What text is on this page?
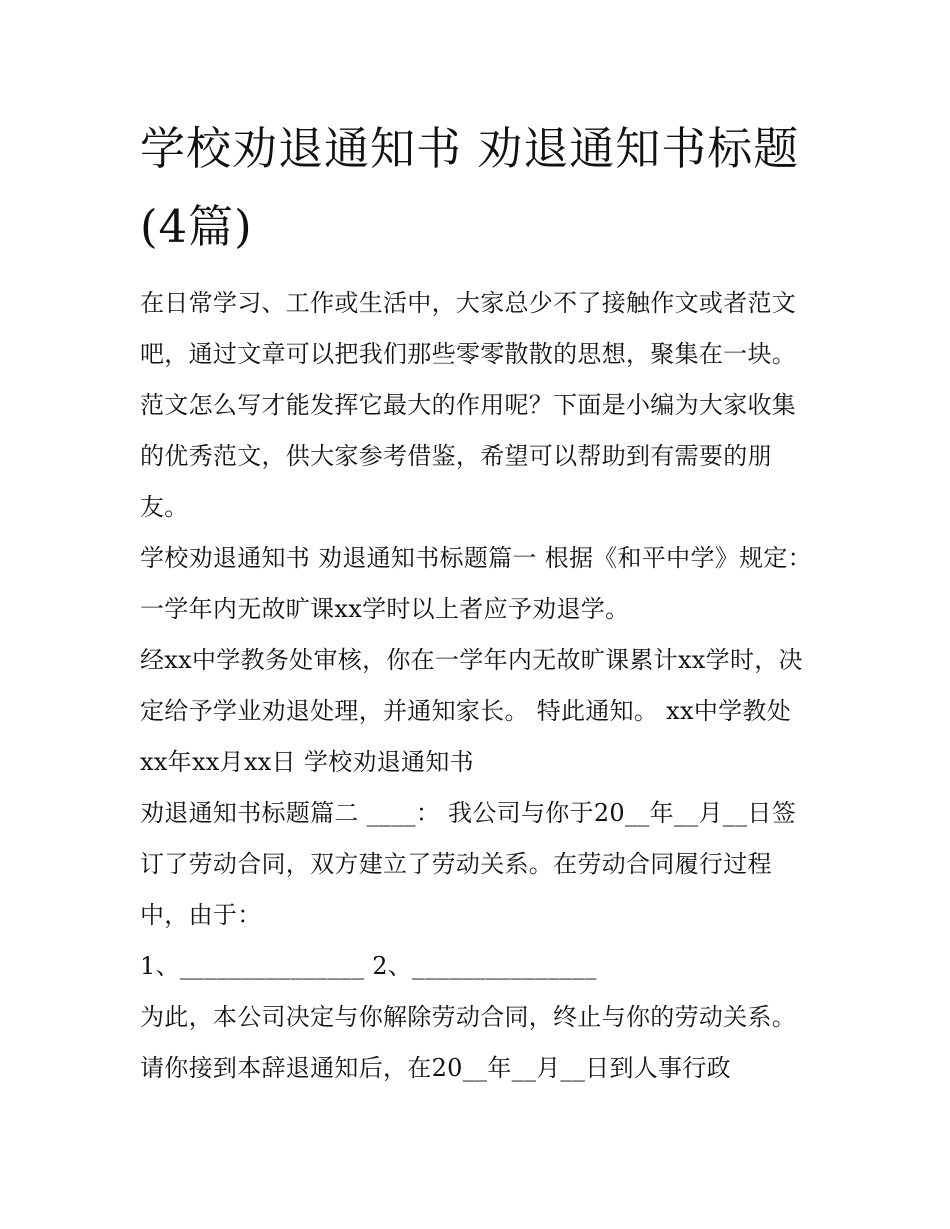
学校劝退通知书 劝退通知书标题(4篇)

在日常学习、工作或生活中，大家总少不了接触作文或者范文吧，通过文章可以把我们那些零零散散的思想，聚集在一块。范文怎么写才能发挥它最大的作用呢？下面是小编为大家收集的优秀范文，供大家参考借鉴，希望可以帮助到有需要的朋友。

学校劝退通知书 劝退通知书标题篇一 根据《和平中学》规定：一学年内无故旷课xx学时以上者应予劝退学。

经xx中学教务处审核，你在一学年内无故旷课累计xx学时，决定给予学业劝退处理，并通知家长。 特此通知。 xx中学教处 xx年xx月xx日 学校劝退通知书

劝退通知书标题篇二 ____： 我公司与你于20__年__月__日签订了劳动合同，双方建立了劳动关系。在劳动合同履行过程中，由于：

1、_______________ 2、_______________

为此，本公司决定与你解除劳动合同，终止与你的劳动关系。请你接到本辞退通知后，在20__年__月__日到人事行政
